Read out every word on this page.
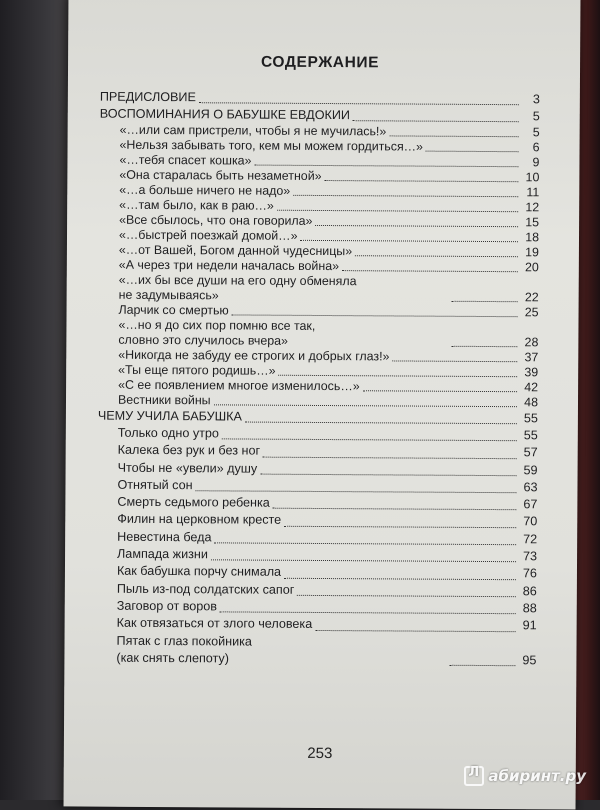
СОДЕРЖАНИЕ
ПРЕДИСЛОВИЕ	3
ВОСПОМИНАНИЯ О БАБУШКЕ ЕВДОКИИ	5
«…или сам пристрели, чтобы я не мучилась!»	5
«Нельзя забывать того, кем мы можем гордиться…»	6
«…тебя спасет кошка»	9
«Она старалась быть незаметной»	10
«…а больше ничего не надо»	11
«…там было, как в раю…»	12
«Все сбылось, что она говорила»	15
«…быстрей поезжай домой…»	18
«…от Вашей, Богом данной чудесницы»	19
«А через три недели началась война»	20
«…их бы все души на его одну обменяла
не задумываясь»	22
Ларчик со смертью	25
«…но я до сих пор помню все так,
словно это случилось вчера»	28
«Никогда не забуду ее строгих и добрых глаз!»	37
«Ты еще пятого родишь…»	39
«С ее появлением многое изменилось…»	42
Вестники войны	48
ЧЕМУ УЧИЛА БАБУШКА	55
Только одно утро	55
Калека без рук и без ног	57
Чтобы не «увели» душу	59
Отнятый сон	63
Смерть седьмого ребенка	67
Филин на церковном кресте	70
Невестина беда	72
Лампада жизни	73
Как бабушка порчу снимала	76
Пыль из-под солдатских сапог	86
Заговор от воров	88
Как отвязаться от злого человека	91
Пятак с глаз покойника
(как снять слепоту)	95
253
Л
абиринт.ру
